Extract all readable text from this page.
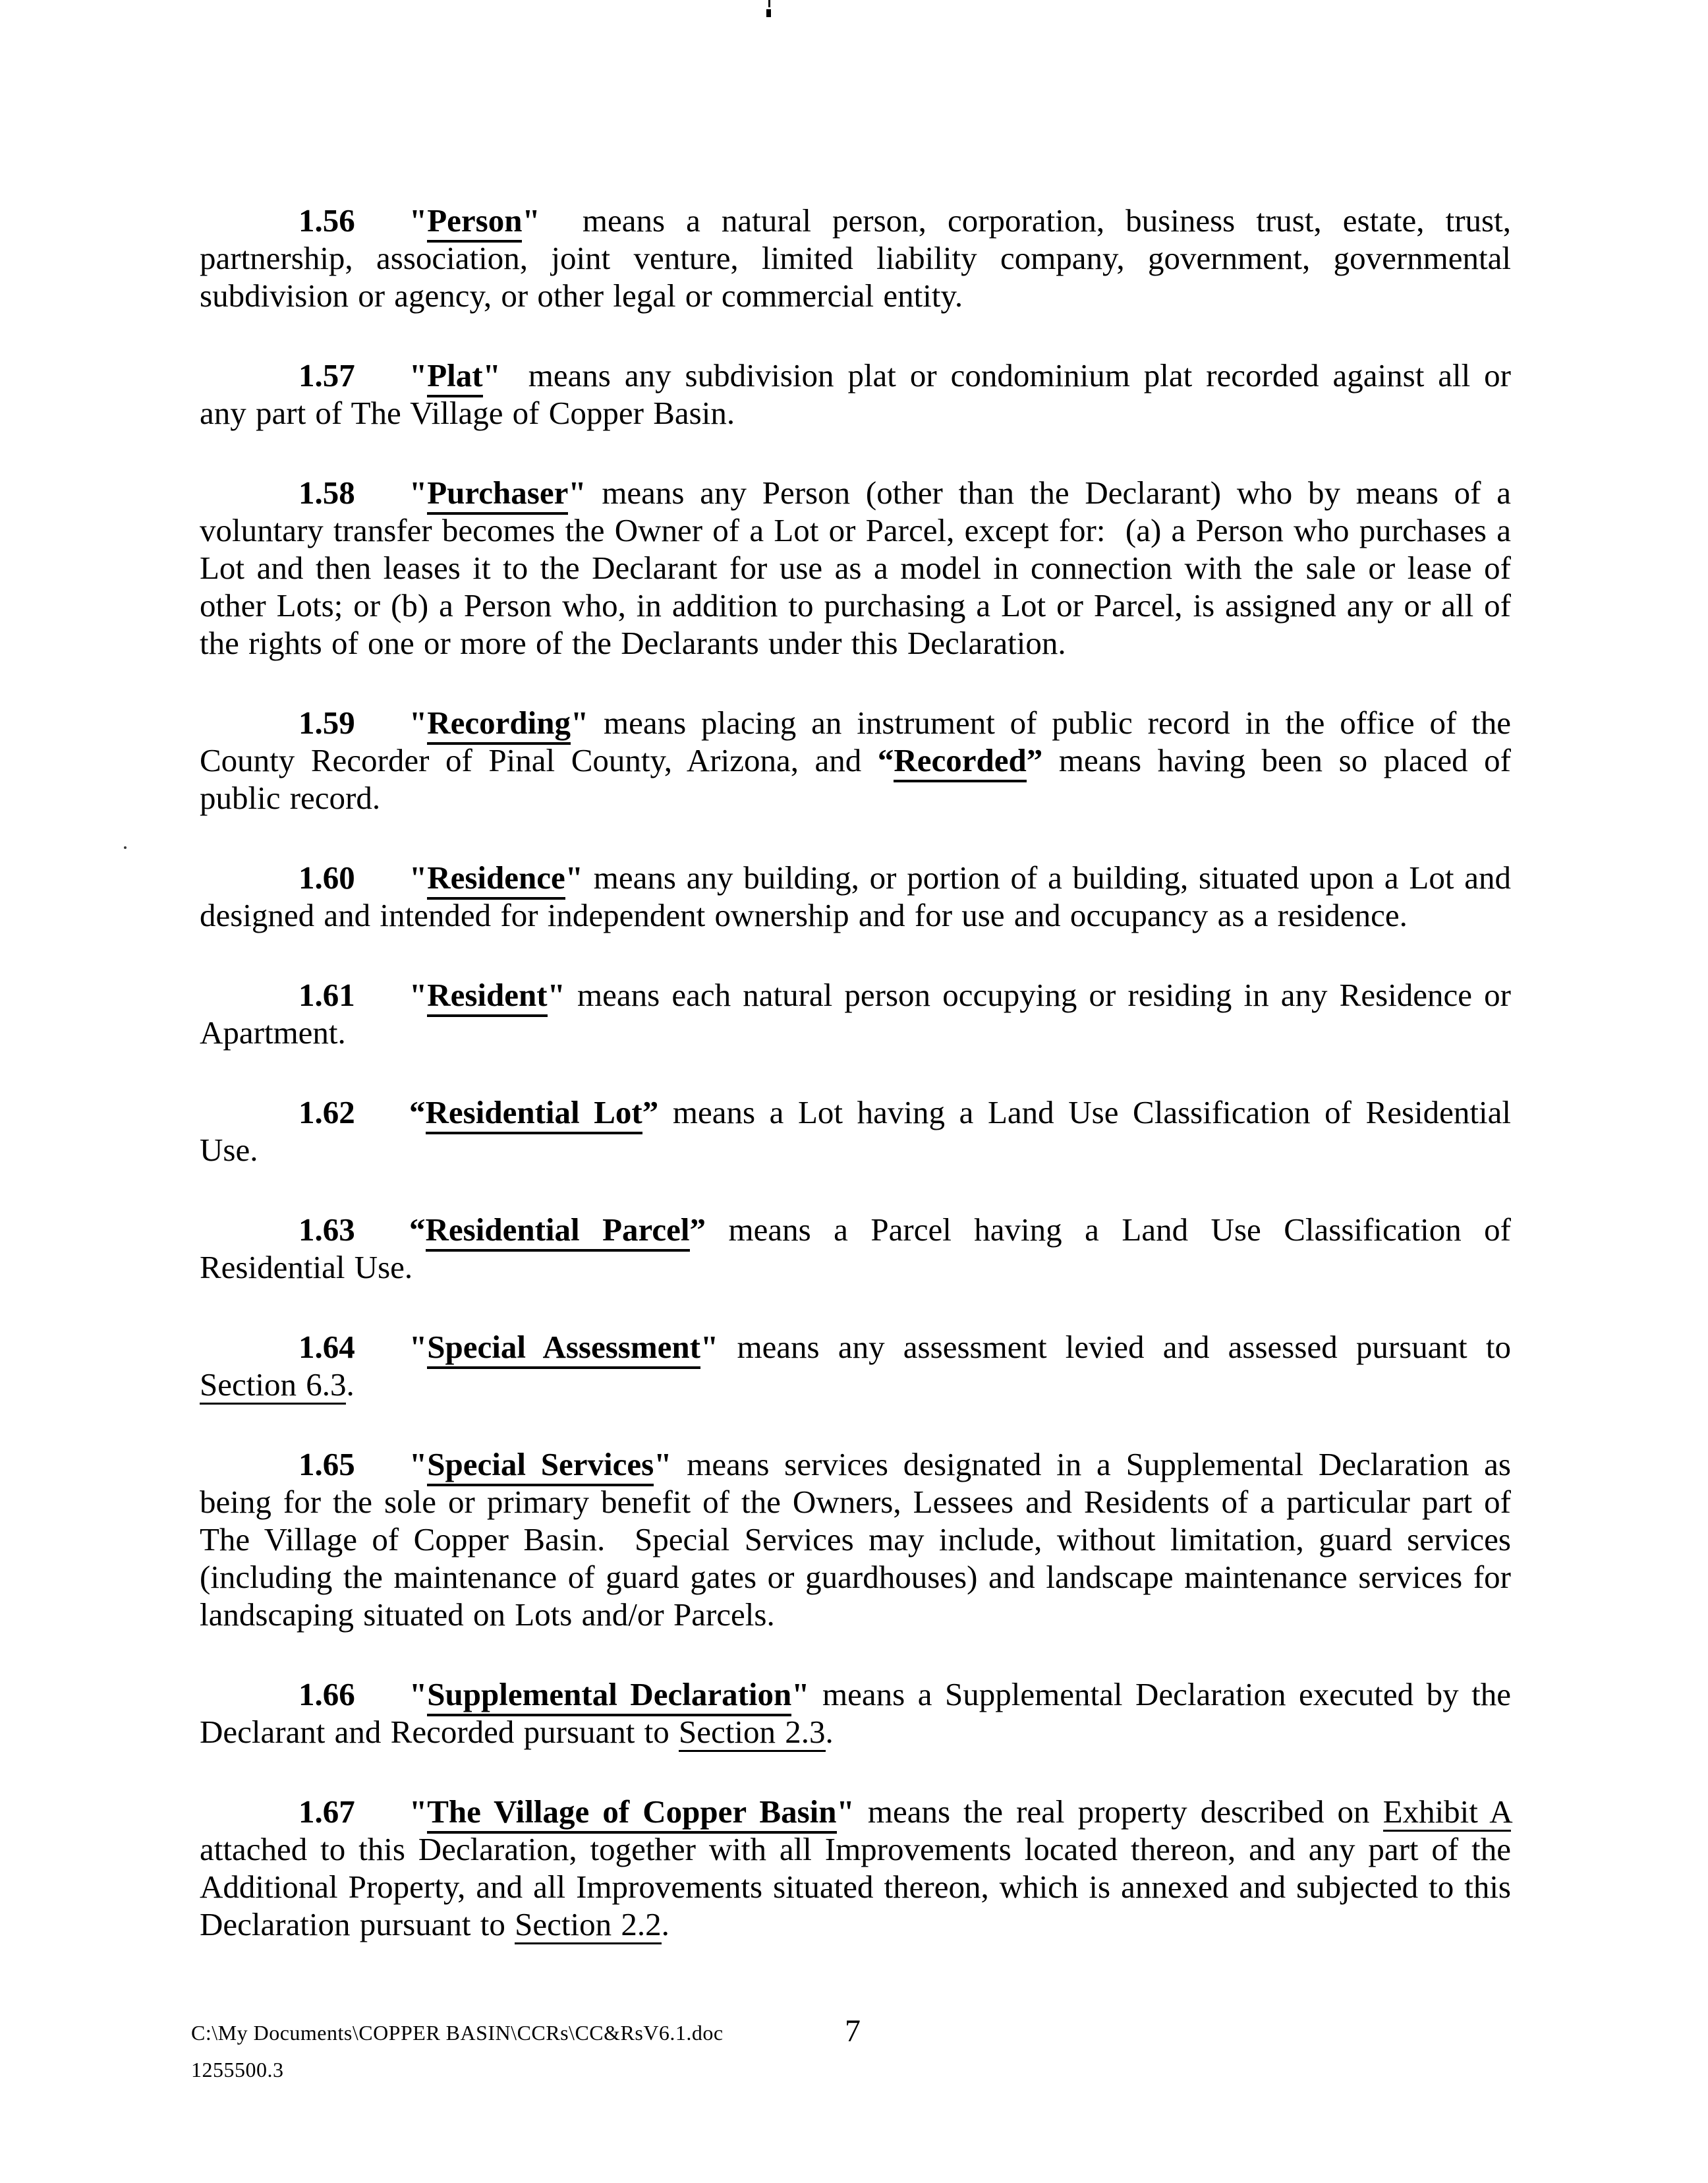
1.56 "Person"  means a natural person, corporation, business trust, estate, trust, partnership, association, joint venture, limited liability company, government, governmental subdivision or agency, or other legal or commercial entity.

1.57 "Plat"  means any subdivision plat or condominium plat recorded against all or any part of The Village of Copper Basin.

1.58 "Purchaser" means any Person (other than the Declarant) who by means of a voluntary transfer becomes the Owner of a Lot or Parcel, except for:  (a) a Person who purchases a Lot and then leases it to the Declarant for use as a model in connection with the sale or lease of other Lots; or (b) a Person who, in addition to purchasing a Lot or Parcel, is assigned any or all of the rights of one or more of the Declarants under this Declaration.

1.59 "Recording" means placing an instrument of public record in the office of the County Recorder of Pinal County, Arizona, and “Recorded” means having been so placed of public record.

1.60 "Residence" means any building, or portion of a building, situated upon a Lot and designed and intended for independent ownership and for use and occupancy as a residence.

1.61 "Resident" means each natural person occupying or residing in any Residence or Apartment.

1.62 “Residential Lot” means a Lot having a Land Use Classification of Residential Use.

1.63 “Residential Parcel” means a Parcel having a Land Use Classification of Residential Use.

1.64 "Special Assessment" means any assessment levied and assessed pursuant to Section 6.3.

1.65 "Special Services" means services designated in a Supplemental Declaration as being for the sole or primary benefit of the Owners, Lessees and Residents of a particular part of The Village of Copper Basin.  Special Services may include, without limitation, guard services (including the maintenance of guard gates or guardhouses) and landscape maintenance services for landscaping situated on Lots and/or Parcels.

1.66 "Supplemental Declaration" means a Supplemental Declaration executed by the Declarant and Recorded pursuant to Section 2.3.

1.67 "The Village of Copper Basin" means the real property described on Exhibit A attached to this Declaration, together with all Improvements located thereon, and any part of the Additional Property, and all Improvements situated thereon, which is annexed and subjected to this Declaration pursuant to Section 2.2.

C:\My Documents\COPPER BASIN\CCRs\CC&RsV6.1.doc
1255500.3
7
